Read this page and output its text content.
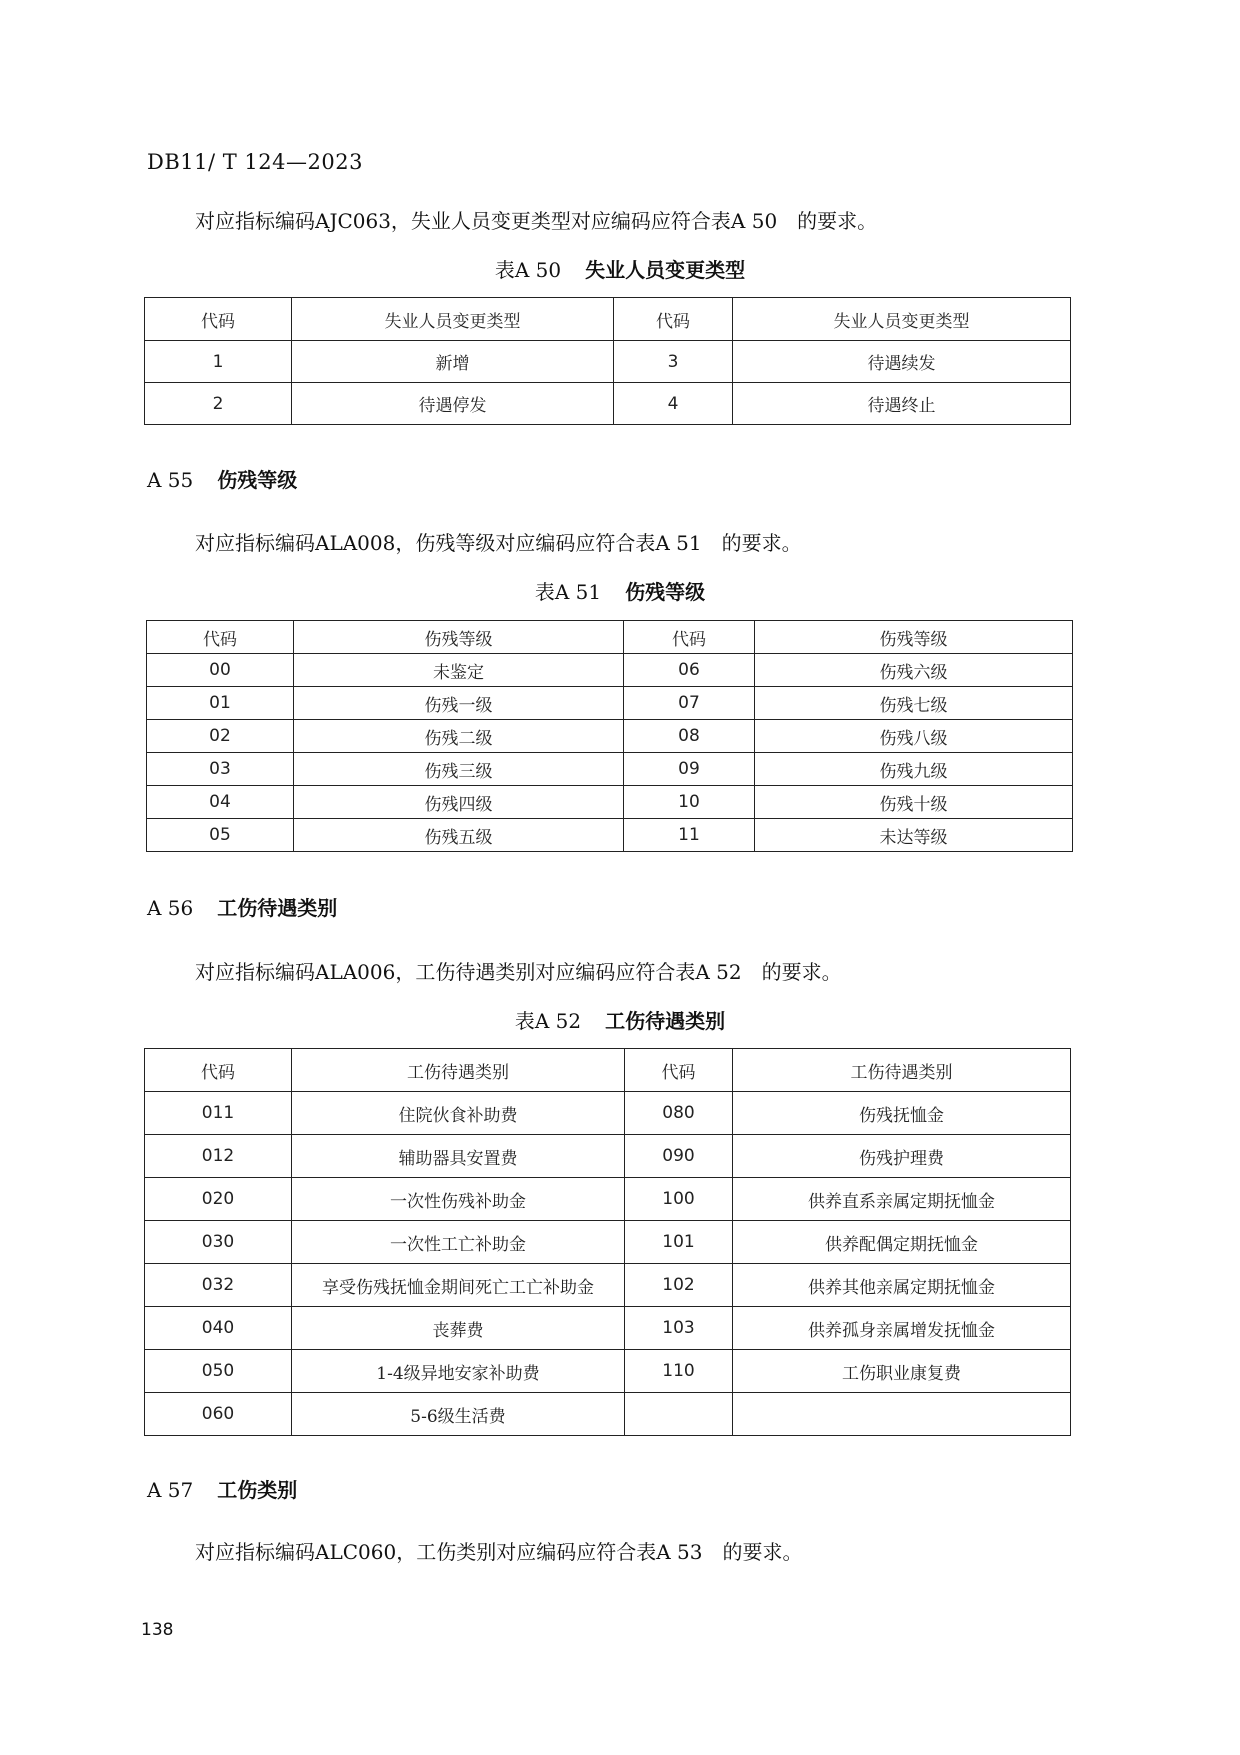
DB11/ T 124—2023
对应指标编码AJC063，失业人员变更类型对应编码应符合表A 50　的要求。
表A 50 失业人员变更类型
代码	失业人员变更类型	代码	失业人员变更类型
1	新增	3	待遇续发
2	待遇停发	4	待遇终止
A 55 伤残等级
对应指标编码ALA008，伤残等级对应编码应符合表A 51　的要求。
表A 51 伤残等级
代码	伤残等级	代码	伤残等级
00	未鉴定	06	伤残六级
01	伤残一级	07	伤残七级
02	伤残二级	08	伤残八级
03	伤残三级	09	伤残九级
04	伤残四级	10	伤残十级
05	伤残五级	11	未达等级
A 56 工伤待遇类别
对应指标编码ALA006，工伤待遇类别对应编码应符合表A 52　的要求。
表A 52 工伤待遇类别
代码	工伤待遇类别	代码	工伤待遇类别
011	住院伙食补助费	080	伤残抚恤金
012	辅助器具安置费	090	伤残护理费
020	一次性伤残补助金	100	供养直系亲属定期抚恤金
030	一次性工亡补助金	101	供养配偶定期抚恤金
032	享受伤残抚恤金期间死亡工亡补助金	102	供养其他亲属定期抚恤金
040	丧葬费	103	供养孤身亲属增发抚恤金
050	1-4级异地安家补助费	110	工伤职业康复费
060	5-6级生活费		
A 57 工伤类别
对应指标编码ALC060，工伤类别对应编码应符合表A 53　的要求。
138
